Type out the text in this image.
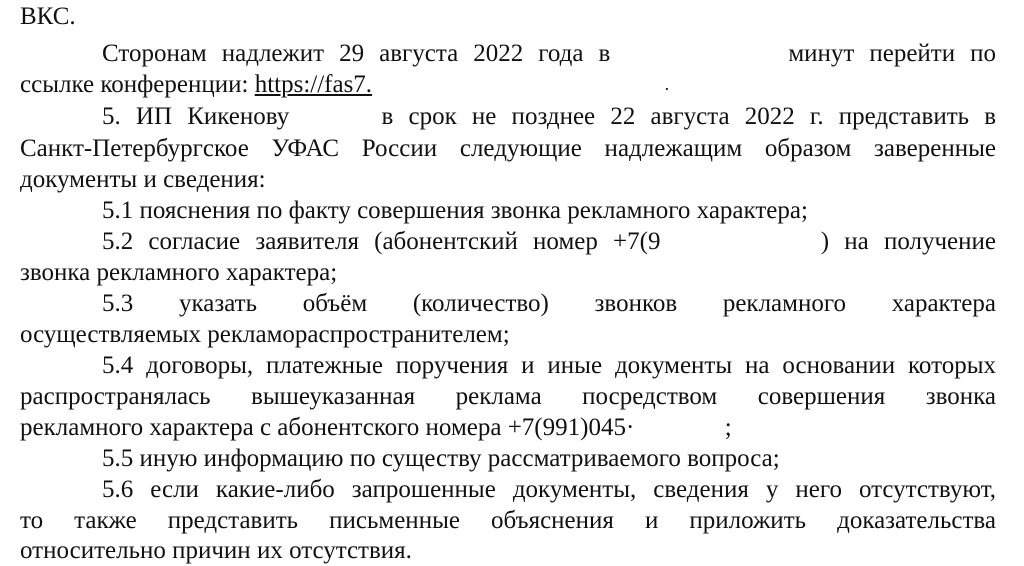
ВКС.
Сторонам надлежит 29 августа 2022 года в	минут перейти по
ссылке конференции: https://fas7.	.
5. ИП Кикенову	в срок не позднее 22 августа 2022 г. представить в
Санкт-Петербургское УФАС России следующие надлежащим образом заверенные
документы и сведения:
5.1 пояснения по факту совершения звонка рекламного характера;
5.2 согласие заявителя (абонентский номер +7(9	) на получение
звонка рекламного характера;
5.3 указать объём (количество) звонков рекламного характера
осуществляемых рекламораспространителем;
5.4 договоры, платежные поручения и иные документы на основании которых
распространялась вышеуказанная реклама посредством совершения звонка
рекламного характера с абонентского номера +7(991)045·	;
5.5 иную информацию по существу рассматриваемого вопроса;
5.6 если какие-либо запрошенные документы, сведения у него отсутствуют,
то также представить письменные объяснения и приложить доказательства
относительно причин их отсутствия.
